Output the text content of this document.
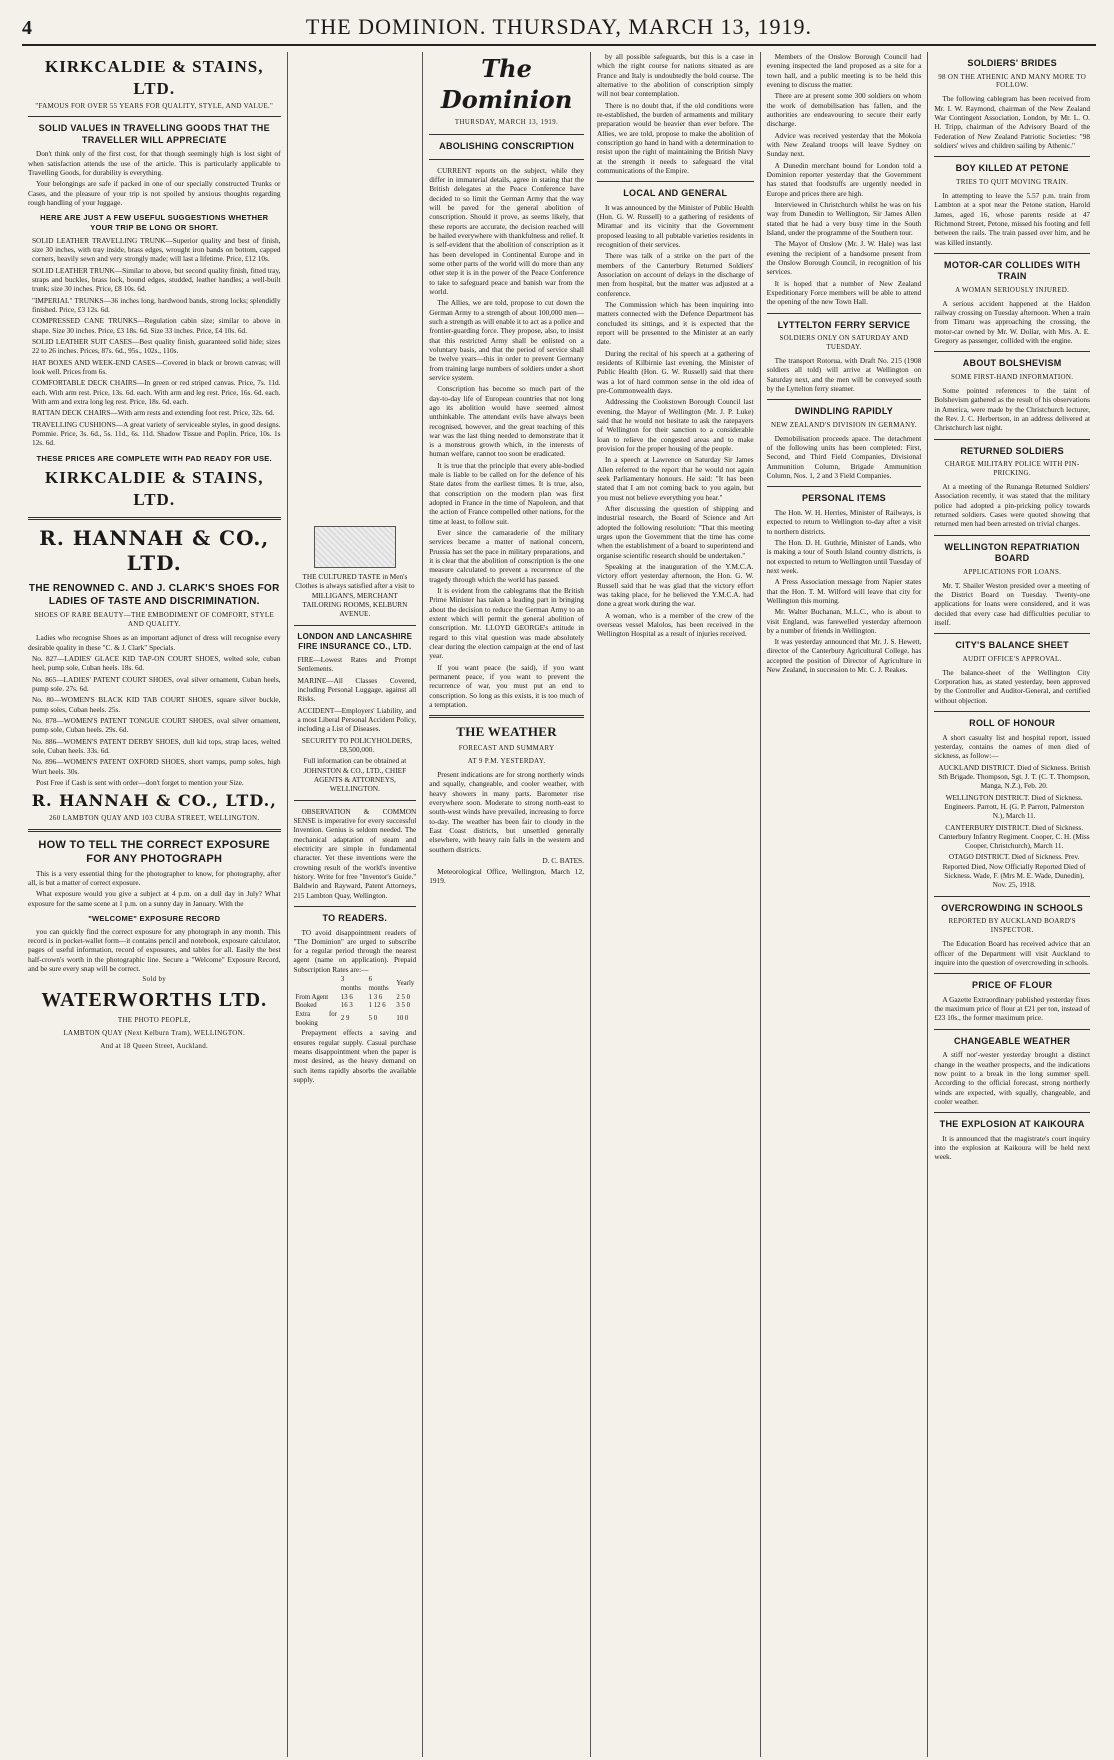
4	THE DOMINION. THURSDAY, MARCH 13, 1919.
KIRKCALDIE & STAINS, LTD.
"FAMOUS FOR OVER 55 YEARS FOR QUALITY, STYLE, AND VALUE."
SOLID VALUES IN TRAVELLING GOODS THAT THE TRAVELLER WILL APPRECIATE

Don't think only of the first cost, for that though seemingly high is lost sight of when satisfaction attends the use of the article. This is particularly applicable to Travelling Goods, for durability is everything.

Your belongings are safe if packed in one of our specially constructed Trunks or Cases, and the pleasure of your trip is not spoiled by anxious thoughts regarding rough handling of your luggage.

HERE ARE JUST A FEW USEFUL SUGGESTIONS WHETHER YOUR TRIP BE LONG OR SHORT.

SOLID LEATHER TRAVELLING TRUNK—Superior quality and best of finish, size 30 inches, with tray inside, brass edges, wrought iron bands on bottom, capped corners, heavily sewn and very strongly made; will last a lifetime. Price, £12 10s.

SOLID LEATHER TRUNK—Similar to above, but second quality finish, fitted tray, straps and buckles, brass lock, bound edges, studded, leather handles; a well-built trunk; size 30 inches. Price, £8 10s. 6d.

"IMPERIAL" TRUNKS—36 inches long, hardwood bands, strong locks; splendidly finished. Price, £3 12s. 6d.

COMPRESSED CANE TRUNKS—Regulation cabin size; similar to above in shape. Size 30 inches. Price, £3 18s. 6d. Size 33 inches. Price, £4 10s. 6d.

SOLID LEATHER SUIT CASES—Best quality finish, guaranteed solid hide; sizes 22 to 26 inches. Prices, 87s. 6d., 95s., 102s., 110s.

HAT BOXES AND WEEK-END CASES—Covered in black or brown canvas; will look well. Prices from 6s.

COMFORTABLE DECK CHAIRS—In green or red striped canvas. Price, 7s. 11d. each. With arm rest. Price, 13s. 6d. each. With arm and leg rest. Price, 16s. 6d. each. With arm and extra long leg rest. Price, 18s. 6d. each.

RATTAN DECK CHAIRS—With arm rests and extending foot rest. Price, 32s. 6d.

TRAVELLING CUSHIONS—A great variety of serviceable styles, in good designs. Pommie. Price, 3s. 6d., 5s. 11d., 6s. 11d. Shadow Tissue and Poplin. Price, 10s. 1s 12s. 6d.

THESE PRICES ARE COMPLETE WITH PAD READY FOR USE.
KIRKCALDIE & STAINS, LTD.
R. HANNAH & CO., LTD.
THE RENOWNED C. AND J. CLARK'S SHOES FOR LADIES OF TASTE AND DISCRIMINATION.
SHOES OF RARE BEAUTY—THE EMBODIMENT OF COMFORT, STYLE AND QUALITY.

Ladies who recognise Shoes as an important adjunct of dress will recognise every desirable quality in these "C. & J. Clark" Specials.

No. 827—LADIES' GLACE KID TAP-ON COURT SHOES, welted sole, cuban heel, pump sole, Cuban heels. 18s. 6d.

No. 865—LADIES' PATENT COURT SHOES, oval silver ornament, Cuban heels, pump sole. 27s. 6d.

No. 80—WOMEN'S BLACK KID TAB COURT SHOES, square silver buckle, pump soles, Cuban heels. 25s.

No. 878—WOMEN'S PATENT TONGUE COURT SHOES, oval silver ornament, pump sole, Cuban heels. 29s. 6d.

No. 886—WOMEN'S PATENT DERBY SHOES, dull kid tops, strap laces, welted sole, Cuban heels. 33s. 6d.

No. 896—WOMEN'S PATENT OXFORD SHOES, short vamps, pump soles, high Wurt heels. 30s.

Post Free if Cash is sent with order—don't forget to mention your Size.

R. HANNAH & CO., LTD.,
260 LAMBTON QUAY AND 103 CUBA STREET, WELLINGTON.
HOW TO TELL THE CORRECT EXPOSURE FOR ANY PHOTOGRAPH

This is a very essential thing for the photographer to know, for photography, after all, is but a matter of correct exposure.

What exposure would you give a subject at 4 p.m. on a dull day in July? What exposure for the same scene at 1 p.m. on a sunny day in January. With the

"WELCOME" EXPOSURE RECORD

you can quickly find the correct exposure for any photograph in any month. This record is in pocket-wallet form—it contains pencil and notebook, exposure calculator, pages of useful information, record of exposures, and tables for all. Easily the best half-crown's worth in the photographic line. Secure a "Welcome" Exposure Record, and be sure every snap will be correct.

Sold by
WATERWORTHS LTD.
THE PHOTO PEOPLE,
LAMBTON QUAY (Next Kelburn Tram), WELLINGTON.
And at 18 Queen Street, Auckland.

THE CULTURED TASTE in Men's Clothes is always satisfied after a visit to MILLIGAN'S, MERCHANT TAILORING ROOMS, KELBURN AVENUE.

LONDON AND LANCASHIRE FIRE INSURANCE CO., LTD.

FIRE—Lowest Rates and Prompt Settlements.

MARINE—All Classes Covered, including Personal Luggage, against all Risks.

ACCIDENT—Employers' Liability, and a most Liberal Personal Accident Policy, including a List of Diseases.

SECURITY TO POLICYHOLDERS, £8,500,000.

Full information can be obtained at JOHNSTON & CO., LTD., CHIEF AGENTS & ATTORNEYS, WELLINGTON.

OBSERVATION & COMMON SENSE is imperative for every successful Invention. Genius is seldom needed. The mechanical adaptation of steam and electricity are simple in fundamental character. Yet these inventions were the crowning result of the world's inventive history. Write for free "Inventor's Guide." Baldwin and Rayward, Patent Attorneys, 215 Lambton Quay, Wellington.

TO READERS.

TO avoid disappointment readers of "The Dominion" are urged to subscribe for a regular period through the nearest agent (name on application). Prepaid Subscription Rates are:—

	3 months	6 months	Yearly
From Agent	13 6	1 3 6	2 5 0
Booked	16 3	1 12 6	3 5 0
Extra for booking	2 9	5 0	10 0

Prepayment effects a saving and ensures regular supply. Casual purchase means disappointment when the paper is most desired, as the heavy demand on such items rapidly absorbs the available supply.

The Dominion
THURSDAY, MARCH 13, 1919.
ABOLISHING CONSCRIPTION

CURRENT reports on the subject, while they differ in immaterial details, agree in stating that the British delegates at the Peace Conference have decided to so limit the German Army that the way will be paved for the general abolition of conscription. Should it prove, as seems likely, that these reports are accurate, the decision reached will be hailed everywhere with thankfulness and relief. It is self-evident that the abolition of conscription as it has been developed in Continental Europe and in some other parts of the world will do more than any other step it is in the power of the Peace Conference to take to safeguard peace and banish war from the world.

The Allies, we are told, propose to cut down the German Army to a strength of about 100,000 men—such a strength as will enable it to act as a police and frontier-guarding force. They propose, also, to insist that this restricted Army shall be enlisted on a voluntary basis, and that the period of service shall be twelve years—this in order to prevent Germany from training large numbers of soldiers under a short service system.

Conscription has become so much part of the day-to-day life of European countries that not long ago its abolition would have seemed almost unthinkable. The attendant evils have always been recognised, however, and the great teaching of this war was the last thing needed to demonstrate that it is a monstrous growth which, in the interests of human welfare, cannot too soon be eradicated.

It is true that the principle that every able-bodied male is liable to be called on for the defence of his State dates from the earliest times. It is true, also, that conscription on the modern plan was first adopted in France in the time of Napoleon, and that the action of France compelled other nations, for the time at least, to follow suit.

Ever since the camaraderie of the military services became a matter of national concern, Prussia has set the pace in military preparations, and it is clear that the abolition of conscription is the one measure calculated to prevent a recurrence of the tragedy through which the world has passed.

It is evident from the cablegrams that the British Prime Minister has taken a leading part in bringing about the decision to reduce the German Army to an extent which will permit the general abolition of conscription. Mr. LLOYD GEORGE's attitude in regard to this vital question was made absolutely clear during the election campaign at the end of last year.

If you want peace (he said), if you want permanent peace, if you want to prevent the recurrence of war, you must put an end to conscription. So long as this exists, it is too much of a temptation.

THE WEATHER
FORECAST AND SUMMARY
AT 9 P.M. YESTERDAY.

Present indications are for strong northerly winds and squally, changeable, and cooler weather, with heavy showers in many parts. Barometer rise everywhere soon. Moderate to strong north-east to south-west winds have prevailed, increasing to force to-day. The weather has been fair to cloudy in the East Coast districts, but unsettled generally elsewhere, with heavy rain falls in the western and southern districts.

D. C. BATES.

Meteorological Office, Wellington, March 12, 1919.

by all possible safeguards, but this is a case in which the right course for nations situated as are France and Italy is undoubtedly the bold course. The alternative to the abolition of conscription simply will not bear contemplation.

There is no doubt that, if the old conditions were re-established, the burden of armaments and military preparation would be heavier than ever before. The Allies, we are told, propose to make the abolition of conscription go hand in hand with a determination to resist upon the right of maintaining the British Navy at the strength it needs to safeguard the vital communications of the Empire.

LOCAL AND GENERAL

It was announced by the Minister of Public Health (Hon. G. W. Russell) to a gathering of residents of Miramar and its vicinity that the Government proposed leasing to all pubtable varieties residents in recognition of their services.

There was talk of a strike on the part of the members of the Canterbury Returned Soldiers' Association on account of delays in the discharge of men from hospital, but the matter was adjusted at a conference.

The Commission which has been inquiring into matters connected with the Defence Department has concluded its sittings, and it is expected that the report will be presented to the Minister at an early date.

During the recital of his speech at a gathering of residents of Kilbirnie last evening, the Minister of Public Health (Hon. G. W. Russell) said that there was a lot of hard common sense in the old idea of pre-Commonwealth days.

Addressing the Cookstown Borough Council last evening, the Mayor of Wellington (Mr. J. P. Luke) said that he would not hesitate to ask the ratepayers of Wellington for their sanction to a considerable loan to relieve the congested areas and to make provision for the proper housing of the people.

In a speech at Lawrence on Saturday Sir James Allen referred to the report that he would not again seek Parliamentary honours. He said: "It has been stated that I am not coming back to you again, but you must not believe everything you hear."

After discussing the question of shipping and industrial research, the Board of Science and Art adopted the following resolution: "That this meeting urges upon the Government that the time has come when the establishment of a board to superintend and organise scientific research should be undertaken."

Speaking at the inauguration of the Y.M.C.A. victory effort yesterday afternoon, the Hon. G. W. Russell said that he was glad that the victory effort was taking place, for he believed the Y.M.C.A. had done a great work during the war.

A woman, who is a member of the crew of the overseas vessel Malolos, has been received in the Wellington Hospital as a result of injuries received.

Members of the Onslow Borough Council had evening inspected the land proposed as a site for a town hall, and a public meeting is to be held this evening to discuss the matter.

There are at present some 300 soldiers on whom the work of demobilisation has fallen, and the authorities are endeavouring to secure their early discharge.

Advice was received yesterday that the Mokoia with New Zealand troops will leave Sydney on Sunday next.

A Dunedin merchant bound for London told a Dominion reporter yesterday that the Government has stated that foodstuffs are urgently needed in Europe and prices there are high.

Interviewed in Christchurch whilst he was on his way from Dunedin to Wellington, Sir James Allen stated that he had a very busy time in the South Island, under the programme of the Southern tour.

The Mayor of Onslow (Mr. J. W. Hale) was last evening the recipient of a handsome present from the Onslow Borough Council, in recognition of his services.

It is hoped that a number of New Zealand Expeditionary Force members will be able to attend the opening of the new Town Hall.

LYTTELTON FERRY SERVICE
SOLDIERS ONLY ON SATURDAY AND TUESDAY.

The transport Rotorua, with Draft No. 215 (1908 soldiers all told) will arrive at Wellington on Saturday next, and the men will be conveyed south by the Lyttelton ferry steamer.

DWINDLING RAPIDLY
NEW ZEALAND'S DIVISION IN GERMANY.

Demobilisation proceeds apace. The detachment of the following units has been completed: First, Second, and Third Field Companies, Divisional Ammunition Column, Brigade Ammunition Column, Nos. 1, 2 and 3 Field Companies.

PERSONAL ITEMS

The Hon. W. H. Herries, Minister of Railways, is expected to return to Wellington to-day after a visit to northern districts.

The Hon. D. H. Guthrie, Minister of Lands, who is making a tour of South Island country districts, is not expected to return to Wellington until Tuesday of next week.

A Press Association message from Napier states that the Hon. T. M. Wilford will leave that city for Wellington this morning.

Mr. Walter Buchanan, M.L.C., who is about to visit England, was farewelled yesterday afternoon by a number of friends in Wellington.

It was yesterday announced that Mr. J. S. Hewett, director of the Canterbury Agricultural College, has accepted the position of Director of Agriculture in New Zealand, in succession to Mr. C. J. Reakes.

SOLDIERS' BRIDES
98 ON THE ATHENIC AND MANY MORE TO FOLLOW.

The following cablegram has been received from Mr. I. W. Raymond, chairman of the New Zealand War Contingent Association, London, by Mr. L. O. H. Tripp, chairman of the Advisory Board of the Federation of New Zealand Patriotic Societies: "98 soldiers' wives and children sailing by Athenic."

BOY KILLED AT PETONE
TRIES TO QUIT MOVING TRAIN.

In attempting to leave the 5.57 p.m. train from Lambton at a spot near the Petone station, Harold James, aged 16, whose parents reside at 47 Richmond Street, Petone, missed his footing and fell between the rails. The train passed over him, and he was killed instantly.

MOTOR-CAR COLLIDES WITH TRAIN
A WOMAN SERIOUSLY INJURED.

A serious accident happened at the Haldon railway crossing on Tuesday afternoon. When a train from Timaru was approaching the crossing, the motor-car owned by Mr. W. Dollar, with Mrs. A. E. Gregory as passenger, collided with the engine.

ABOUT BOLSHEVISM
SOME FIRST-HAND INFORMATION.

Some pointed references to the taint of Bolshevism gathered as the result of his observations in America, were made by the Christchurch lecturer, the Rev. J. C. Herbertson, in an address delivered at Christchurch last night.

RETURNED SOLDIERS
CHARGE MILITARY POLICE WITH PIN-PRICKING.

At a meeting of the Runanga Returned Soldiers' Association recently, it was stated that the military police had adopted a pin-pricking policy towards returned soldiers. Cases were quoted showing that returned men had been arrested on trivial charges.

WELLINGTON REPATRIATION BOARD
APPLICATIONS FOR LOANS.

Mr. T. Shailer Weston presided over a meeting of the District Board on Tuesday. Twenty-one applications for loans were considered, and it was decided that every case had difficulties peculiar to itself.

CITY'S BALANCE SHEET
AUDIT OFFICE'S APPROVAL.

The balance-sheet of the Wellington City Corporation has, as stated yesterday, been approved by the Controller and Auditor-General, and certified without objection.

ROLL OF HONOUR

A short casualty list and hospital report, issued yesterday, contains the names of men died of sickness, as follow:—

AUCKLAND DISTRICT. Died of Sickness. British Sth Brigade. Thompson, Sgt. J. T. (C. T. Thompson, Manga, N.Z.), Feb. 20.

WELLINGTON DISTRICT. Died of Sickness. Engineers. Parrott, H. (G. P. Parrott, Palmerston N.), March 11.

CANTERBURY DISTRICT. Died of Sickness. Canterbury Infantry Regiment. Cooper, C. H. (Miss Cooper, Christchurch), March 11.

OTAGO DISTRICT. Died of Sickness. Prev. Reported Died, Now Officially Reported Died of Sickness. Wade, F. (Mrs M. E. Wade, Dunedin), Nov. 25, 1918.

OVERCROWDING IN SCHOOLS
REPORTED BY AUCKLAND BOARD'S INSPECTOR.

The Education Board has received advice that an officer of the Department will visit Auckland to inquire into the question of overcrowding in schools.

PRICE OF FLOUR

A Gazette Extraordinary published yesterday fixes the maximum price of flour at £21 per ton, instead of £23 10s., the former maximum price.

CHANGEABLE WEATHER

A stiff nor'-wester yesterday brought a distinct change in the weather prospects, and the indications now point to a break in the long summer spell. According to the official forecast, strong northerly winds are expected, with squally, changeable, and cooler weather.

THE EXPLOSION AT KAIKOURA

It is announced that the magistrate's court inquiry into the explosion at Kaikoura will be held next week.
